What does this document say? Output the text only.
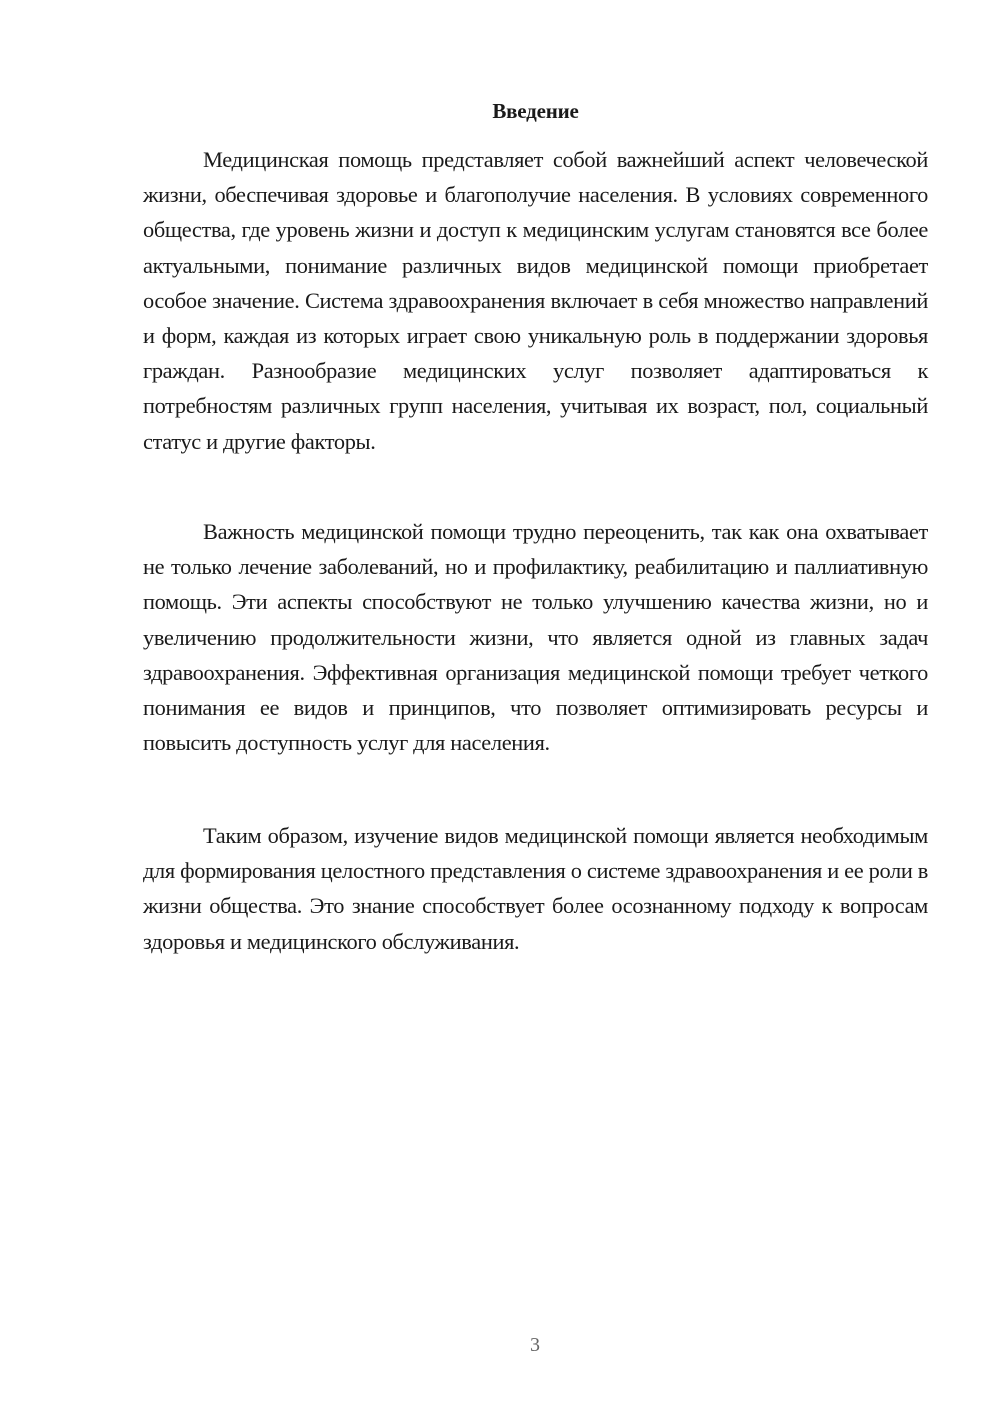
Введение

Медицинская помощь представляет собой важнейший аспект человеческой жизни, обеспечивая здоровье и благополучие населения. В условиях современного общества, где уровень жизни и доступ к медицинским услугам становятся все более актуальными, понимание различных видов медицинской помощи приобретает особое значение. Система здравоохранения включает в себя множество направлений и форм, каждая из которых играет свою уникальную роль в поддержании здоровья граждан. Разнообразие медицинских услуг позволяет адаптироваться к потребностям различных групп населения, учитывая их возраст, пол, социальный статус и другие факторы.

Важность медицинской помощи трудно переоценить, так как она охватывает не только лечение заболеваний, но и профилактику, реабилитацию и паллиативную помощь. Эти аспекты способствуют не только улучшению качества жизни, но и увеличению продолжительности жизни, что является одной из главных задач здравоохранения. Эффективная организация медицинской помощи требует четкого понимания ее видов и принципов, что позволяет оптимизировать ресурсы и повысить доступность услуг для населения.

Таким образом, изучение видов медицинской помощи является необходимым для формирования целостного представления о системе здравоохранения и ее роли в жизни общества. Это знание способствует более осознанному подходу к вопросам здоровья и медицинского обслуживания.

3
